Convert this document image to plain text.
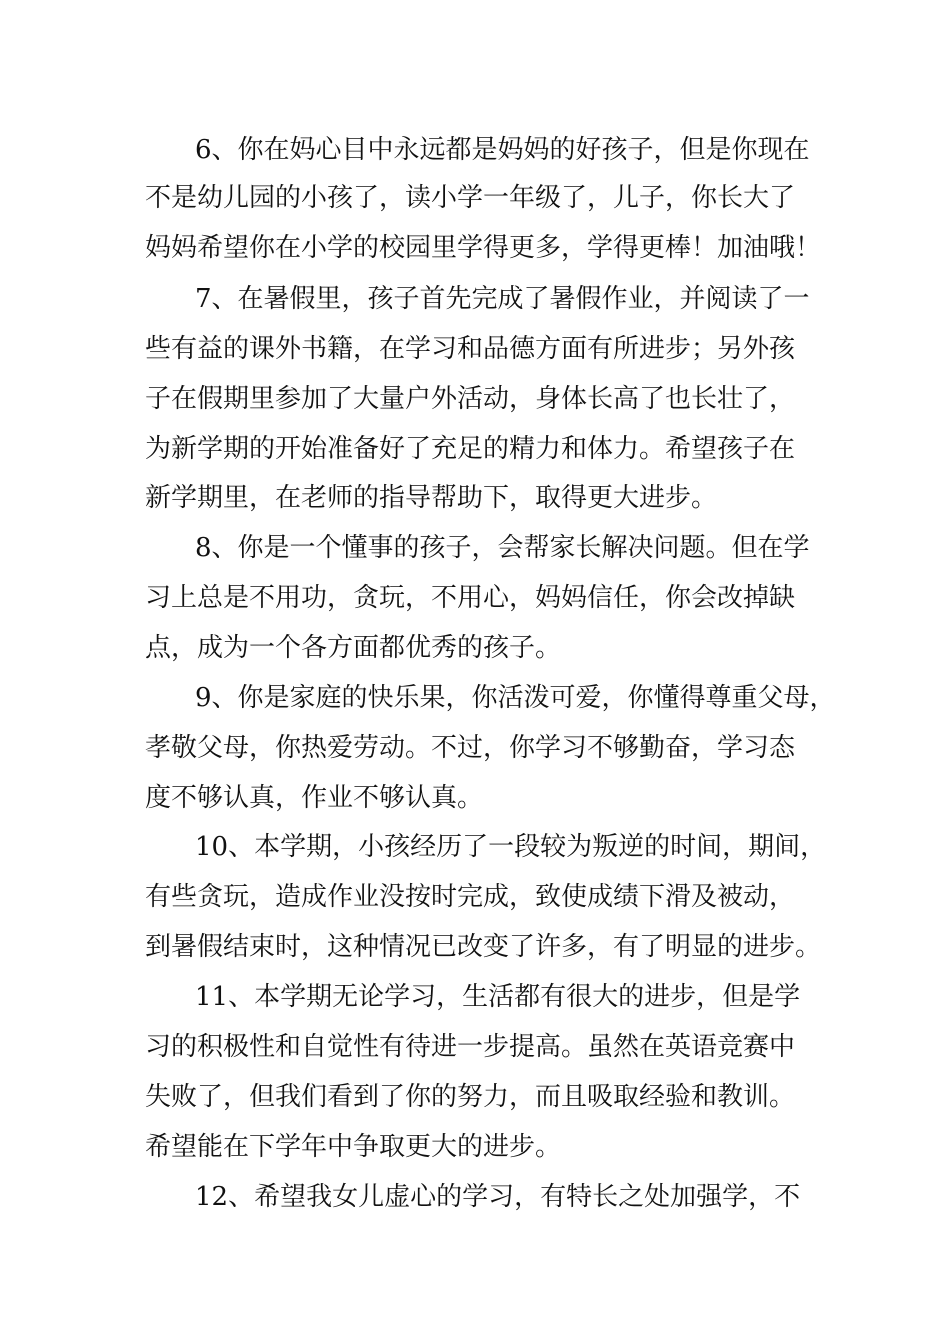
6、你在妈心目中永远都是妈妈的好孩子，但是你现在
不是幼儿园的小孩了，读小学一年级了，儿子，你长大了
妈妈希望你在小学的校园里学得更多，学得更棒！加油哦！
7、在暑假里，孩子首先完成了暑假作业，并阅读了一
些有益的课外书籍，在学习和品德方面有所进步；另外孩
子在假期里参加了大量户外活动，身体长高了也长壮了，
为新学期的开始准备好了充足的精力和体力。希望孩子在
新学期里，在老师的指导帮助下，取得更大进步。
8、你是一个懂事的孩子，会帮家长解决问题。但在学
习上总是不用功，贪玩，不用心，妈妈信任，你会改掉缺
点，成为一个各方面都优秀的孩子。
9、你是家庭的快乐果，你活泼可爱，你懂得尊重父母，
孝敬父母，你热爱劳动。不过，你学习不够勤奋，学习态
度不够认真，作业不够认真。
10、本学期，小孩经历了一段较为叛逆的时间，期间，
有些贪玩，造成作业没按时完成，致使成绩下滑及被动，
到暑假结束时，这种情况已改变了许多，有了明显的进步。
11、本学期无论学习，生活都有很大的进步，但是学
习的积极性和自觉性有待进一步提高。虽然在英语竞赛中
失败了，但我们看到了你的努力，而且吸取经验和教训。
希望能在下学年中争取更大的进步。
12、希望我女儿虚心的学习，有特长之处加强学，不
